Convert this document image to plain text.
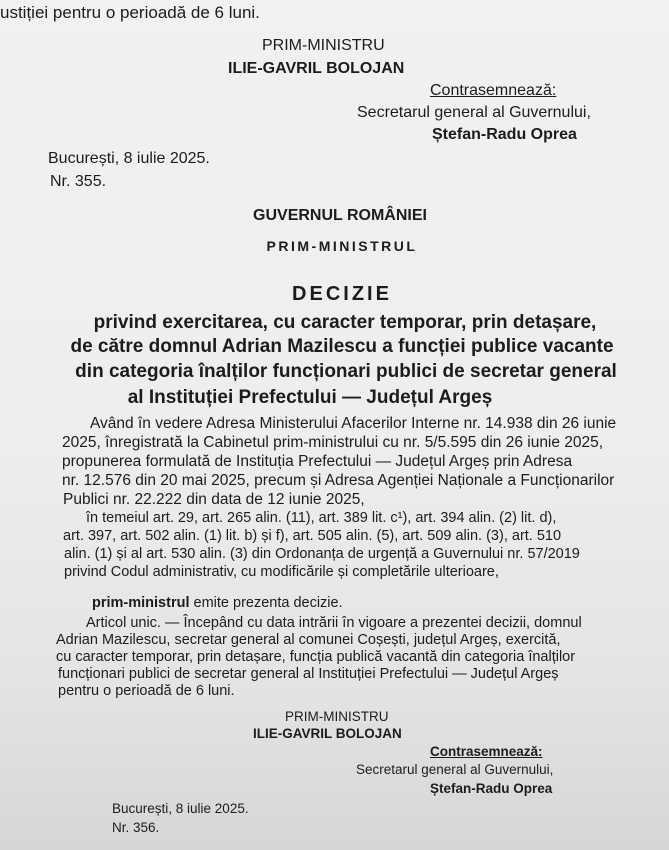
ustiției pentru o perioadă de 6 luni.
PRIM-MINISTRU
ILIE-GAVRIL BOLOJAN
Contrasemnează:
Secretarul general al Guvernului,
Ștefan-Radu Oprea
București, 8 iulie 2025.
Nr. 355.
GUVERNUL ROMÂNIEI
PRIM-MINISTRUL
DECIZIE
privind exercitarea, cu caracter temporar, prin detașare,
de către domnul Adrian Mazilescu a funcției publice vacante
din categoria înalților funcționari publici de secretar general
al Instituției Prefectului — Județul Argeș
Având în vedere Adresa Ministerului Afacerilor Interne nr. 14.938 din 26 iunie
2025, înregistrată la Cabinetul prim-ministrului cu nr. 5/5.595 din 26 iunie 2025,
propunerea formulată de Instituția Prefectului — Județul Argeș prin Adresa
nr. 12.576 din 20 mai 2025, precum și Adresa Agenției Naționale a Funcționarilor
Publici nr. 22.222 din data de 12 iunie 2025,
în temeiul art. 29, art. 265 alin. (11), art. 389 lit. c¹), art. 394 alin. (2) lit. d),
art. 397, art. 502 alin. (1) lit. b) și f), art. 505 alin. (5), art. 509 alin. (3), art. 510
alin. (1) și al art. 530 alin. (3) din Ordonanța de urgență a Guvernului nr. 57/2019
privind Codul administrativ, cu modificările și completările ulterioare,
prim-ministrul emite prezenta decizie.
Articol unic. — Începând cu data intrării în vigoare a prezentei decizii, domnul
Adrian Mazilescu, secretar general al comunei Coșești, județul Argeș, exercită,
cu caracter temporar, prin detașare, funcția publică vacantă din categoria înalților
funcționari publici de secretar general al Instituției Prefectului — Județul Argeș
pentru o perioadă de 6 luni.
PRIM-MINISTRU
ILIE-GAVRIL BOLOJAN
Contrasemnează:
Secretarul general al Guvernului,
Ștefan-Radu Oprea
București, 8 iulie 2025.
Nr. 356.
